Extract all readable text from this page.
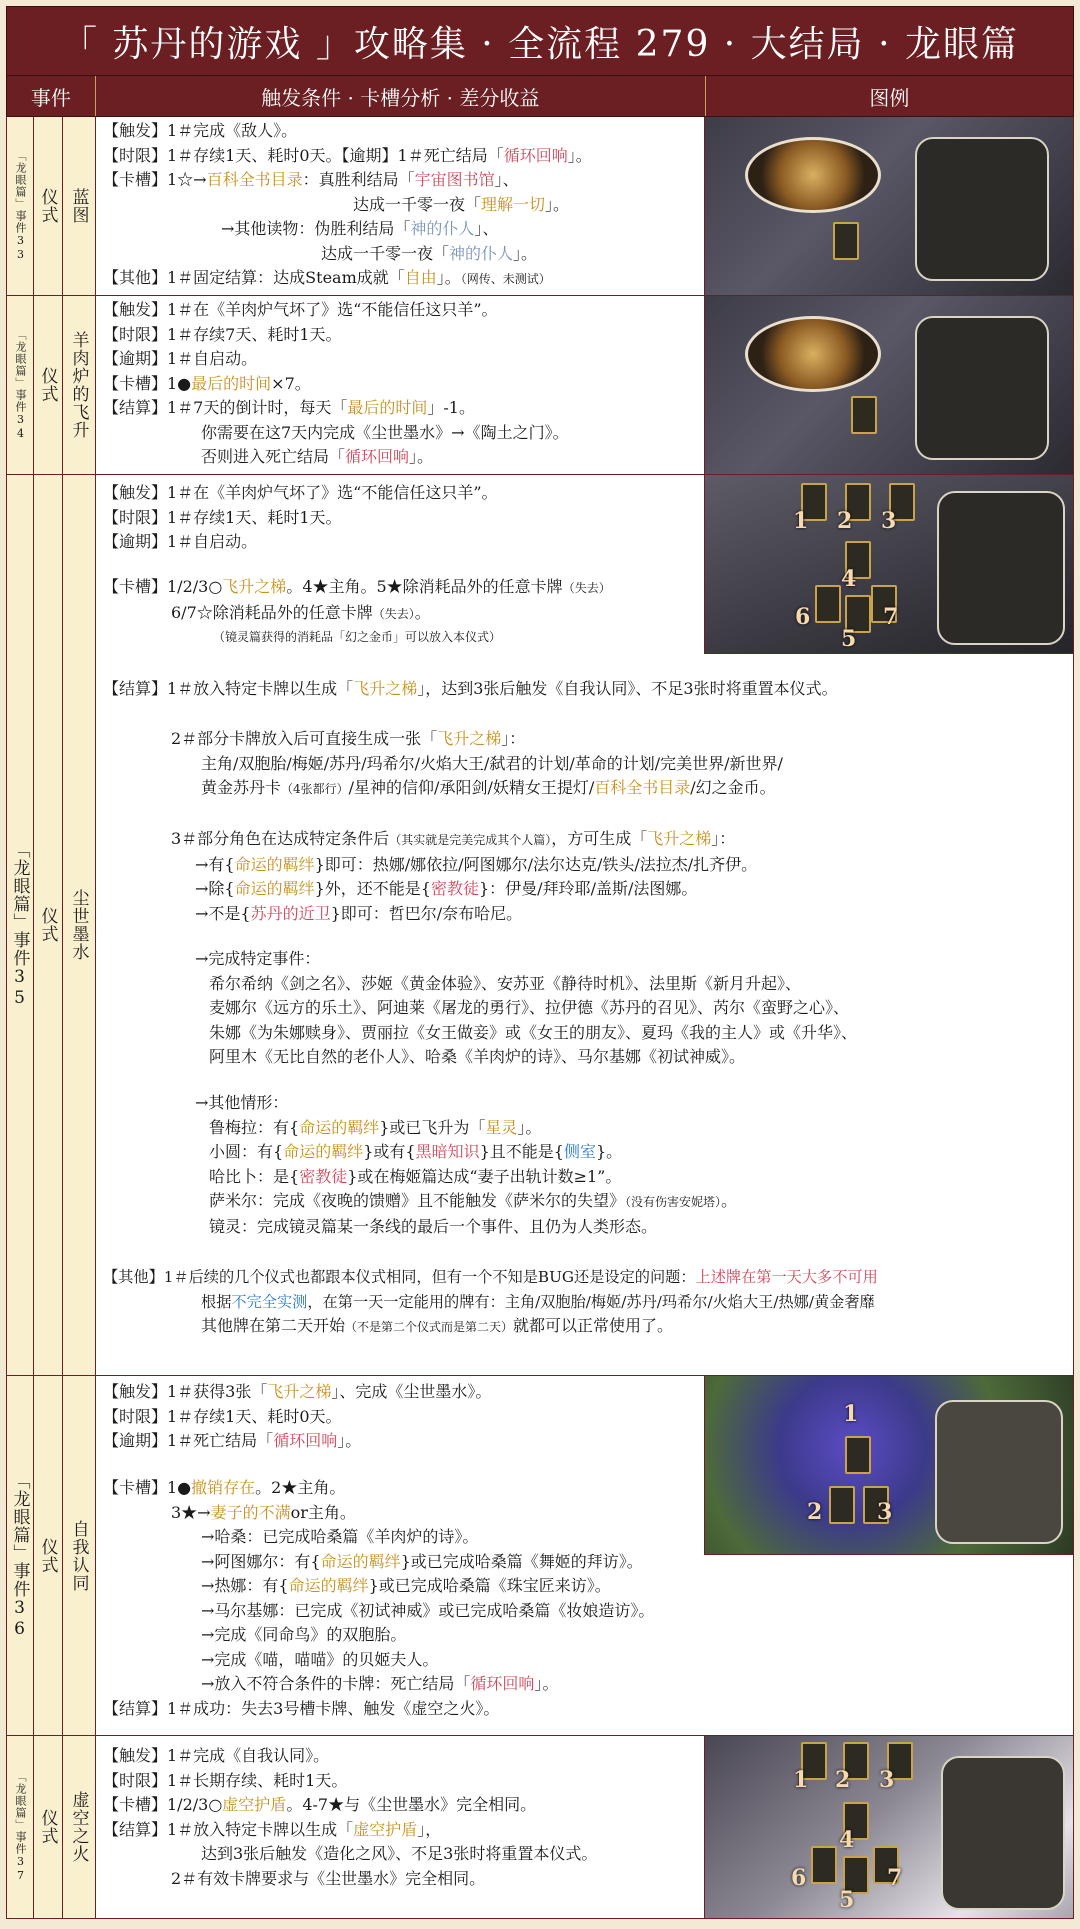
「 苏丹的游戏 」攻略集 · 全流程 279 · 大结局 · 龙眼篇
事件	触发条件 · 卡槽分析 · 差分收益	图例
「龙眼篇」事件33 仪式 蓝图
【触发】1＃完成《敌人》。
【时限】1＃存续1天、耗时0天。【逾期】1＃死亡结局「循环回响」。
【卡槽】1☆→百科全书目录：真胜利结局「宇宙图书馆」、
达成一千零一夜「理解一切」。
→其他读物：伪胜利结局「神的仆人」、
达成一千零一夜「神的仆人」。
【其他】1＃固定结算：达成Steam成就「自由」。（网传、未测试）
「龙眼篇」事件34 仪式 羊肉炉的飞升
【触发】1＃在《羊肉炉气坏了》选“不能信任这只羊”。
【时限】1＃存续7天、耗时1天。
【逾期】1＃自启动。
【卡槽】1●最后的时间×7。
【结算】1＃7天的倒计时，每天「最后的时间」-1。
你需要在这7天内完成《尘世墨水》→《陶土之门》。
否则进入死亡结局「循环回响」。
「龙眼篇」事件35 仪式 尘世墨水
【触发】1＃在《羊肉炉气坏了》选“不能信任这只羊”。
【时限】1＃存续1天、耗时1天。
【逾期】1＃自启动。
【卡槽】1/2/3○飞升之梯。4★主角。5★除消耗品外的任意卡牌（失去）
6/7☆除消耗品外的任意卡牌（失去）。
（镜灵篇获得的消耗品「幻之金币」可以放入本仪式）
【结算】1＃放入特定卡牌以生成「飞升之梯」，达到3张后触发《自我认同》、不足3张时将重置本仪式。
2＃部分卡牌放入后可直接生成一张「飞升之梯」：
主角/双胞胎/梅姬/苏丹/玛希尔/火焰大王/弑君的计划/革命的计划/完美世界/新世界/
黄金苏丹卡（4张都行）/星神的信仰/承阳剑/妖精女王提灯/百科全书目录/幻之金币。
3＃部分角色在达成特定条件后（其实就是完美完成其个人篇），方可生成「飞升之梯」：
→有{命运的羁绊}即可：热娜/娜依拉/阿图娜尔/法尔达克/铁头/法拉杰/扎齐伊。
→除{命运的羁绊}外，还不能是{密教徒}：伊曼/拜玲耶/盖斯/法图娜。
→不是{苏丹的近卫}即可：哲巴尔/奈布哈尼。
→完成特定事件：
希尔希纳《剑之名》、莎姬《黄金体验》、安苏亚《静待时机》、法里斯《新月升起》、
麦娜尔《远方的乐土》、阿迪莱《屠龙的勇行》、拉伊德《苏丹的召见》、芮尔《蛮野之心》、
朱娜《为朱娜赎身》、贾丽拉《女王做妾》或《女王的朋友》、夏玛《我的主人》或《升华》、
阿里木《无比自然的老仆人》、哈桑《羊肉炉的诗》、马尔基娜《初试神威》。
→其他情形：
鲁梅拉：有{命运的羁绊}或已飞升为「星灵」。
小圆：有{命运的羁绊}或有{黑暗知识}且不能是{侧室}。
哈比卜：是{密教徒}或在梅姬篇达成“妻子出轨计数≥1”。
萨米尔：完成《夜晚的馈赠》且不能触发《萨米尔的失望》（没有伤害安妮塔）。
镜灵：完成镜灵篇某一条线的最后一个事件、且仍为人类形态。
【其他】1＃后续的几个仪式也都跟本仪式相同，但有一个不知是BUG还是设定的问题：上述牌在第一天大多不可用
根据不完全实测，在第一天一定能用的牌有：主角/双胞胎/梅姬/苏丹/玛希尔/火焰大王/热娜/黄金奢靡
其他牌在第二天开始（不是第二个仪式而是第二天）就都可以正常使用了。
1 2 3
4
6
5
7
「龙眼篇」事件36 仪式 自我认同
【触发】1＃获得3张「飞升之梯」、完成《尘世墨水》。
【时限】1＃存续1天、耗时0天。
【逾期】1＃死亡结局「循环回响」。
【卡槽】1●撤销存在。2★主角。
3★→妻子的不满or主角。
→哈桑：已完成哈桑篇《羊肉炉的诗》。
→阿图娜尔：有{命运的羁绊}或已完成哈桑篇《舞姬的拜访》。
→热娜：有{命运的羁绊}或已完成哈桑篇《珠宝匠来访》。
→马尔基娜：已完成《初试神威》或已完成哈桑篇《妆娘造访》。
→完成《同命鸟》的双胞胎。
→完成《喵，喵喵》的贝姬夫人。
→放入不符合条件的卡牌：死亡结局「循环回响」。
【结算】1＃成功：失去3号槽卡牌、触发《虚空之火》。
1
2 3
「龙眼篇」事件37 仪式 虚空之火
【触发】1＃完成《自我认同》。
【时限】1＃长期存续、耗时1天。
【卡槽】1/2/3○虚空护盾。4-7★与《尘世墨水》完全相同。
【结算】1＃放入特定卡牌以生成「虚空护盾」，
达到3张后触发《造化之风》、不足3张时将重置本仪式。
2＃有效卡牌要求与《尘世墨水》完全相同。
1 2 3
4
6
5
7
